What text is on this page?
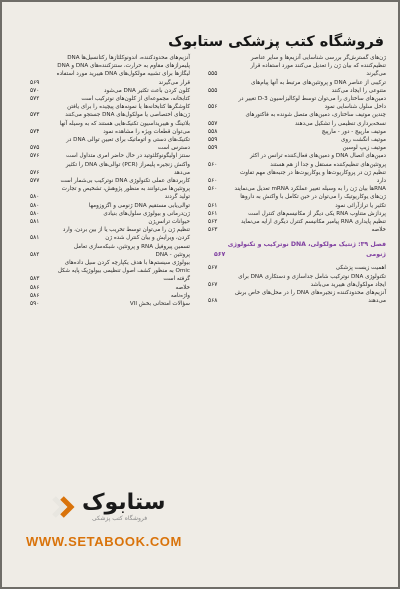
فروشگاه کتب پزشکی ستابوک
ژن‌های گسترش‌گر بررسی شناسایی آنزیم‌ها و سایر عناصر تنظیم‌کننده که بیان ژن را تعدیل می‌کنند مورد استفاده قرار می‌گیرند
۵۵۵
ترکیبی از عناصر DNA و پروتئین‌های مرتبط به آنها پیام‌های متنوعی را ایجاد می‌کنند
۵۵۵
دمین‌های ساختاری را می‌توان توسط لوکالیزاسیون D-3 تغییر در داخل سلول شناسایی نمود
۵۵۶
چندین موتیف ساختاری، دمین‌های متصل شونده به فاکتورهای نسخه‌برداری تنظیمی را تشکیل می‌دهند
۵۵۷
موتیف مارپیچ - دور - مارپیچ
۵۵۸
موتیف انگشت روی
۵۵۹
موتیف زیپ لوسین
۵۵۹
دمین‌های اتصال DNA و دمین‌های فعال‌کننده ترانس در اکثر پروتئین‌های تنظیم‌کننده مستقل و جدا از هم هستند
۵۶۰
تنظیم ژن در پروکاریوت‌ها و یوکاریوت‌ها در جنبه‌های مهم تفاوت دارد
۵۶۰
RNAها بیان ژن را به وسیله تغییر عملکرد mRNA تعدیل می‌نمایند
۵۶۰
ژن‌های یوکاریوتیک را می‌توان در حین تکامل با واکنش به داروها تکثیر یا ترازآرائی نمود
۵۶۱
پردازش متناوب RNA یکی دیگر از مکانیسم‌های کنترل است
۵۶۱
تنظیم پایداری RNA پیامبر مکانیسم کنترل دیگری ارایه می‌نماید
۵۶۲
خلاصه
۵۶۳
فصل ۳۹: ژنتیک مولکولی، DNA نوترکیب و تکنولوژی ژنومی
۵۶۷
اهمیت زیست پزشکی
۵۶۷
تکنولوژی DNA نوترکیب شامل جداسازی و دستکاری DNA برای ایجاد مولکول‌های هیبرید می‌باشد
۵۶۷
آنزیم‌های محدودکننده زنجیره‌های DNA را در محل‌های خاص برش می‌دهند
۵۶۸
آنزیم‌های محدودکننده، اندونوکلئازها رکتانسیل‌ها DNA پلیمرازهای مقاوم به حرارت، سنتزکننده‌های DNA و DNA لیگازها برای تشبیه مولکول‌های DNA هیبرید مورد استفاده قرار می‌گیرند
۵۶۹
کلون کردن باعث تکثیر DNA می‌شود
۵۷۰
کتابخانه، مجموعه‌ای از کلون‌های نوترکیب است
۵۷۲
کاوشگرها کتابخانه‌ها یا نمونه‌های پیچیده را برای یافتن ژن‌های اختصاصی یا مولکول‌های DNA جستجو می‌کنند
۵۷۳
بلاتینگ و هیبریداسیون تکنیک‌هایی هستند که به وسیله آنها می‌توان قطعات ویژه را مشاهده نمود
۵۷۴
تکنیک‌های دستی و اتوماتیک برای تعیین توالی DNA در دسترس است
۵۷۵
سنتز اولیگونوکلئوتید در حال حاضر امری متداول است
۵۷۶
واکنش زنجیره پلیمراز (PCR) توالی‌های DNA را تکثیر می‌دهد
۵۷۶
کاربردهای عملی تکنولوژی DNA نوترکیب بی‌شمار است
۵۷۷
پروتئین‌ها می‌توانند به منظور پژوهش، تشخیص و تجارت تولید گردند
۵۸۰
توالی‌یابی مستقیم DNA ژنومی و اگزوزومها
۵۸۰
ژن‌درمانی و بیولوژی سلول‌های بنیادی
۵۸۰
حیوانات ترانس‌ژن
۵۸۱
تنظیم ژن را می‌توان توسط تخریب یا از بین بردن، وارد کردن، ویرایش و بیان کنترل شده ژن
۵۸۱
تسمین پیروفیل RNA و پروتئین، شبکه‌سازی تعامل پروتئین - DNA
۵۸۲
بیولوژی سیستم‌ها با هدف یکپارچه کردن سیل داده‌های Omic به منظور کشف اصول تنظیمی بیولوژیک پایه شکل گرفته است
۵۸۳
خلاصه
۵۸۶
واژه‌نامه
۵۸۶
سؤالات امتحانی بخش VII
۵۹۰
ستابوک
فروشگاه کتب پزشکی
WWW.SETABOOK.COM
